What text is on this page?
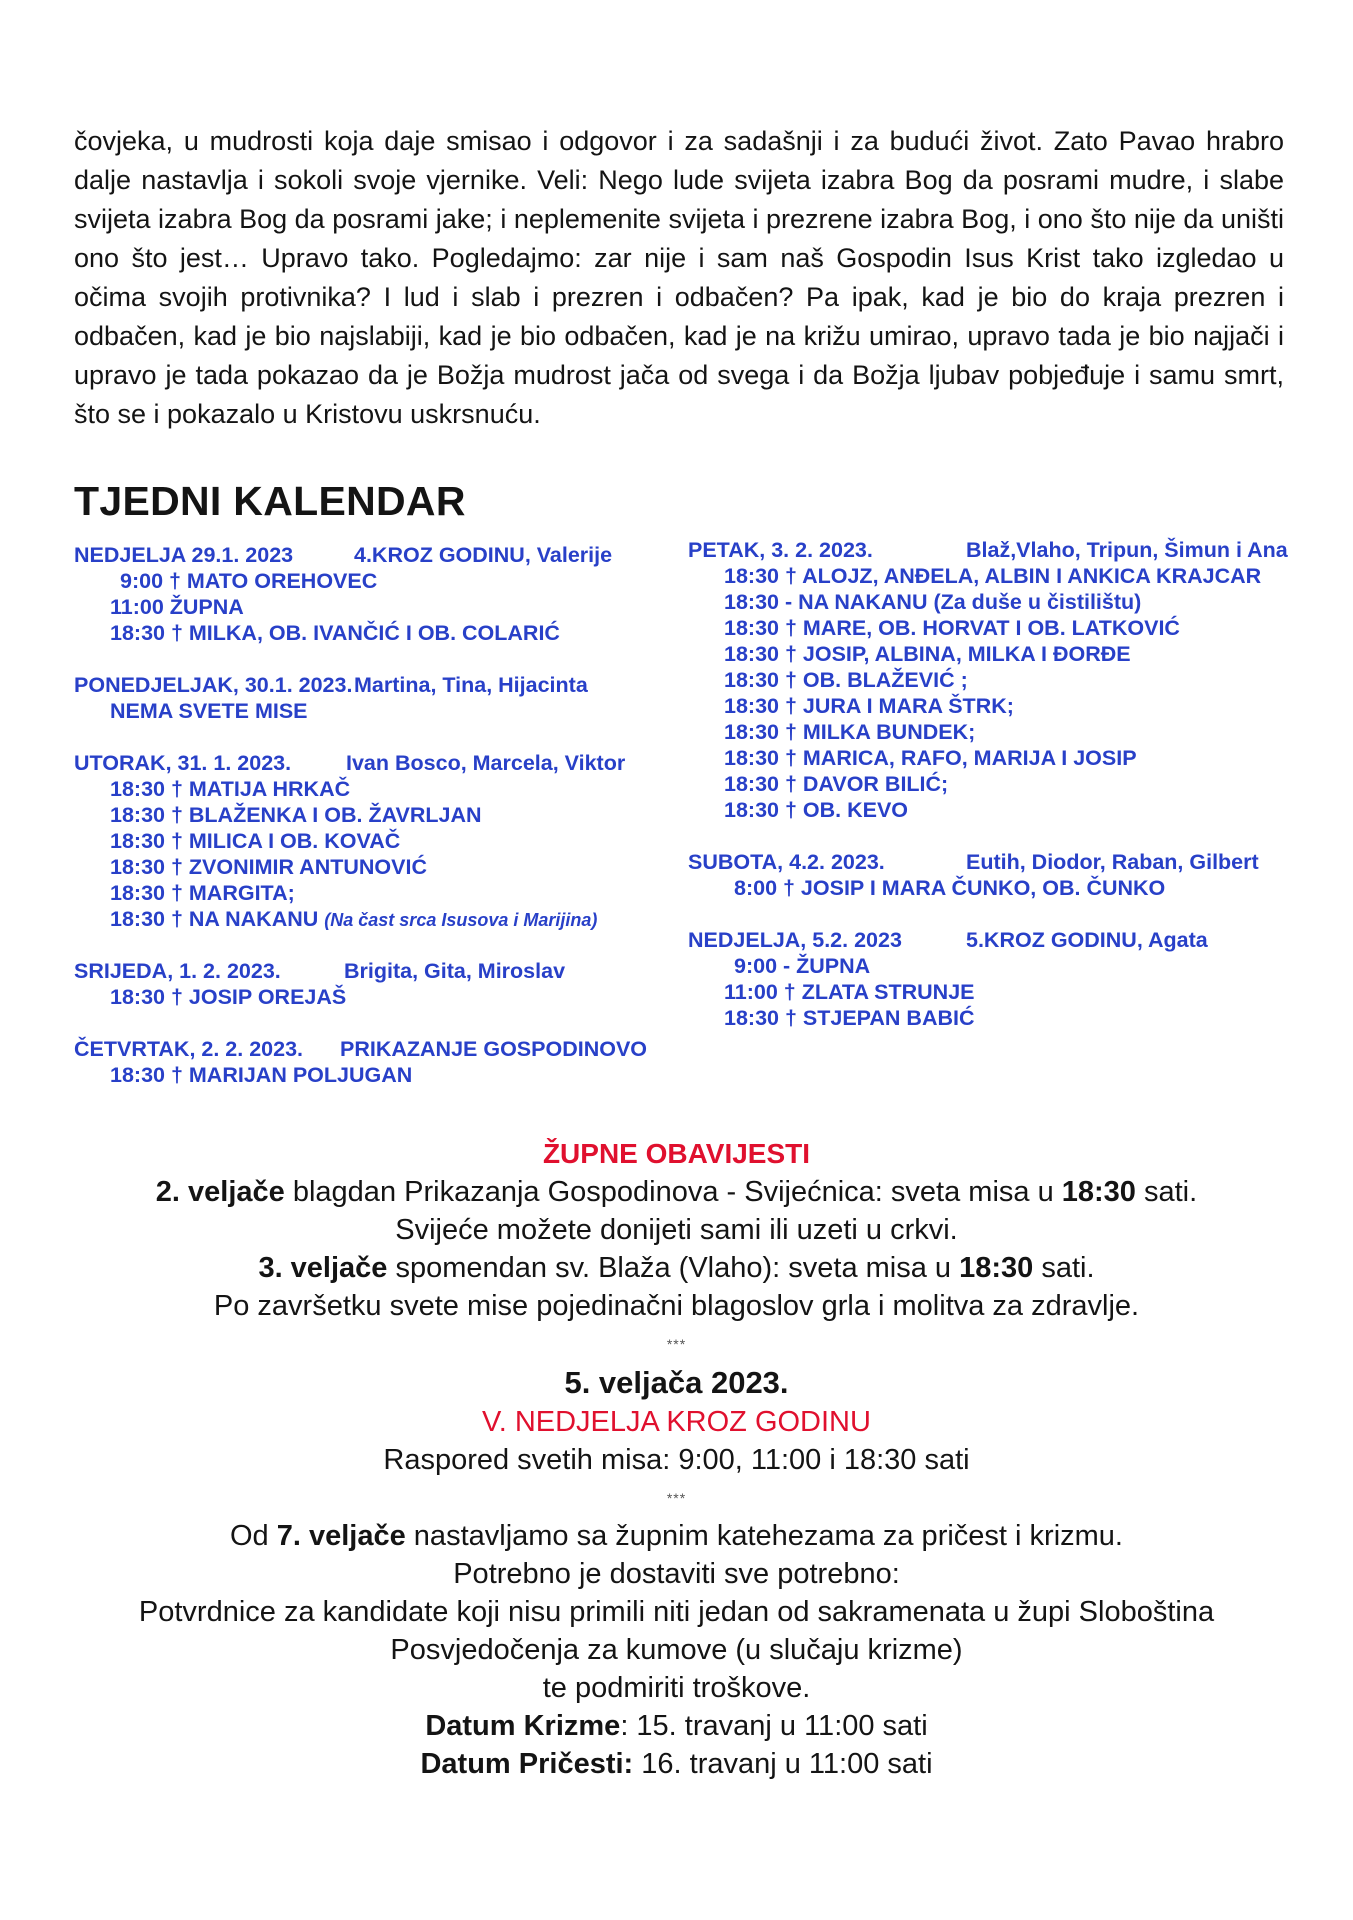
čovjeka, u mudrosti koja daje smisao i odgovor i za sadašnji i za budući život. Zato Pavao hrabro dalje nastavlja i sokoli svoje vjernike. Veli: Nego lude svijeta izabra Bog da posrami mudre, i slabe svijeta izabra Bog da posrami jake; i neplemenite svijeta i prezrene izabra Bog, i ono što nije da uništi ono što jest… Upravo tako. Pogledajmo: zar nije i sam naš Gospodin Isus Krist tako izgledao u očima svojih protivnika? I lud i slab i prezren i odbačen? Pa ipak, kad je bio do kraja prezren i odbačen, kad je bio najslabiji, kad je bio odbačen, kad je na križu umirao, upravo tada je bio najjači i upravo je tada pokazao da je Božja mudrost jača od svega i da Božja ljubav pobjeđuje i samu smrt, što se i pokazalo u Kristovu uskrsnuću.

TJEDNI KALENDAR
NEDJELJA 29.1. 2023	4.KROZ GODINU, Valerije
9:00 † MATO OREHOVEC
11:00 ŽUPNA
18:30 † MILKA, OB. IVANČIĆ I OB. COLARIĆ
PONEDJELJAK, 30.1. 2023. Martina, Tina, Hijacinta
NEMA SVETE MISE
UTORAK, 31. 1. 2023.	Ivan Bosco, Marcela, Viktor
18:30 † MATIJA HRKAČ
18:30 † BLAŽENKA I OB. ŽAVRLJAN
18:30 † MILICA I OB. KOVAČ
18:30 † ZVONIMIR ANTUNOVIĆ
18:30 † MARGITA;
18:30 † NA NAKANU (Na čast srca Isusova i Marijina)
SRIJEDA, 1. 2. 2023.	Brigita, Gita, Miroslav
18:30 † JOSIP OREJAŠ
ČETVRTAK, 2. 2. 2023. PRIKAZANJE GOSPODINOVO
18:30 † MARIJAN POLJUGAN
PETAK, 3. 2. 2023.	Blaž,Vlaho, Tripun, Šimun i Ana
18:30 † ALOJZ, ANĐELA, ALBIN I ANKICA KRAJCAR
18:30 - NA NAKANU (Za duše u čistilištu)
18:30 † MARE, OB. HORVAT I OB. LATKOVIĆ
18:30 † JOSIP, ALBINA, MILKA I ĐORĐE
18:30 † OB. BLAŽEVIĆ ;
18:30 † JURA I MARA ŠTRK;
18:30 † MILKA BUNDEK;
18:30 † MARICA, RAFO, MARIJA I JOSIP
18:30 † DAVOR BILIĆ;
18:30 † OB. KEVO
SUBOTA, 4.2. 2023.	Eutih, Diodor, Raban, Gilbert
8:00 † JOSIP I MARA ČUNKO, OB. ČUNKO
NEDJELJA, 5.2. 2023	5.KROZ GODINU, Agata
9:00 - ŽUPNA
11:00 † ZLATA STRUNJE
18:30 † STJEPAN BABIĆ
ŽUPNE OBAVIJESTI
2. veljače blagdan Prikazanja Gospodinova - Svijećnica: sveta misa u 18:30 sati.
Svijeće možete donijeti sami ili uzeti u crkvi.
3. veljače spomendan sv. Blaža (Vlaho): sveta misa u 18:30 sati.
Po završetku svete mise pojedinačni blagoslov grla i molitva za zdravlje.
***
5. veljača 2023.
V. NEDJELJA KROZ GODINU
Raspored svetih misa: 9:00, 11:00 i 18:30 sati
***
Od 7. veljače nastavljamo sa župnim katehezama za pričest i krizmu.
Potrebno je dostaviti sve potrebno:
Potvrdnice za kandidate koji nisu primili niti jedan od sakramenata u župi Sloboština
Posvjedočenja za kumove (u slučaju krizme)
te podmiriti troškove.
Datum Krizme: 15. travanj u 11:00 sati
Datum Pričesti: 16. travanj u 11:00 sati
